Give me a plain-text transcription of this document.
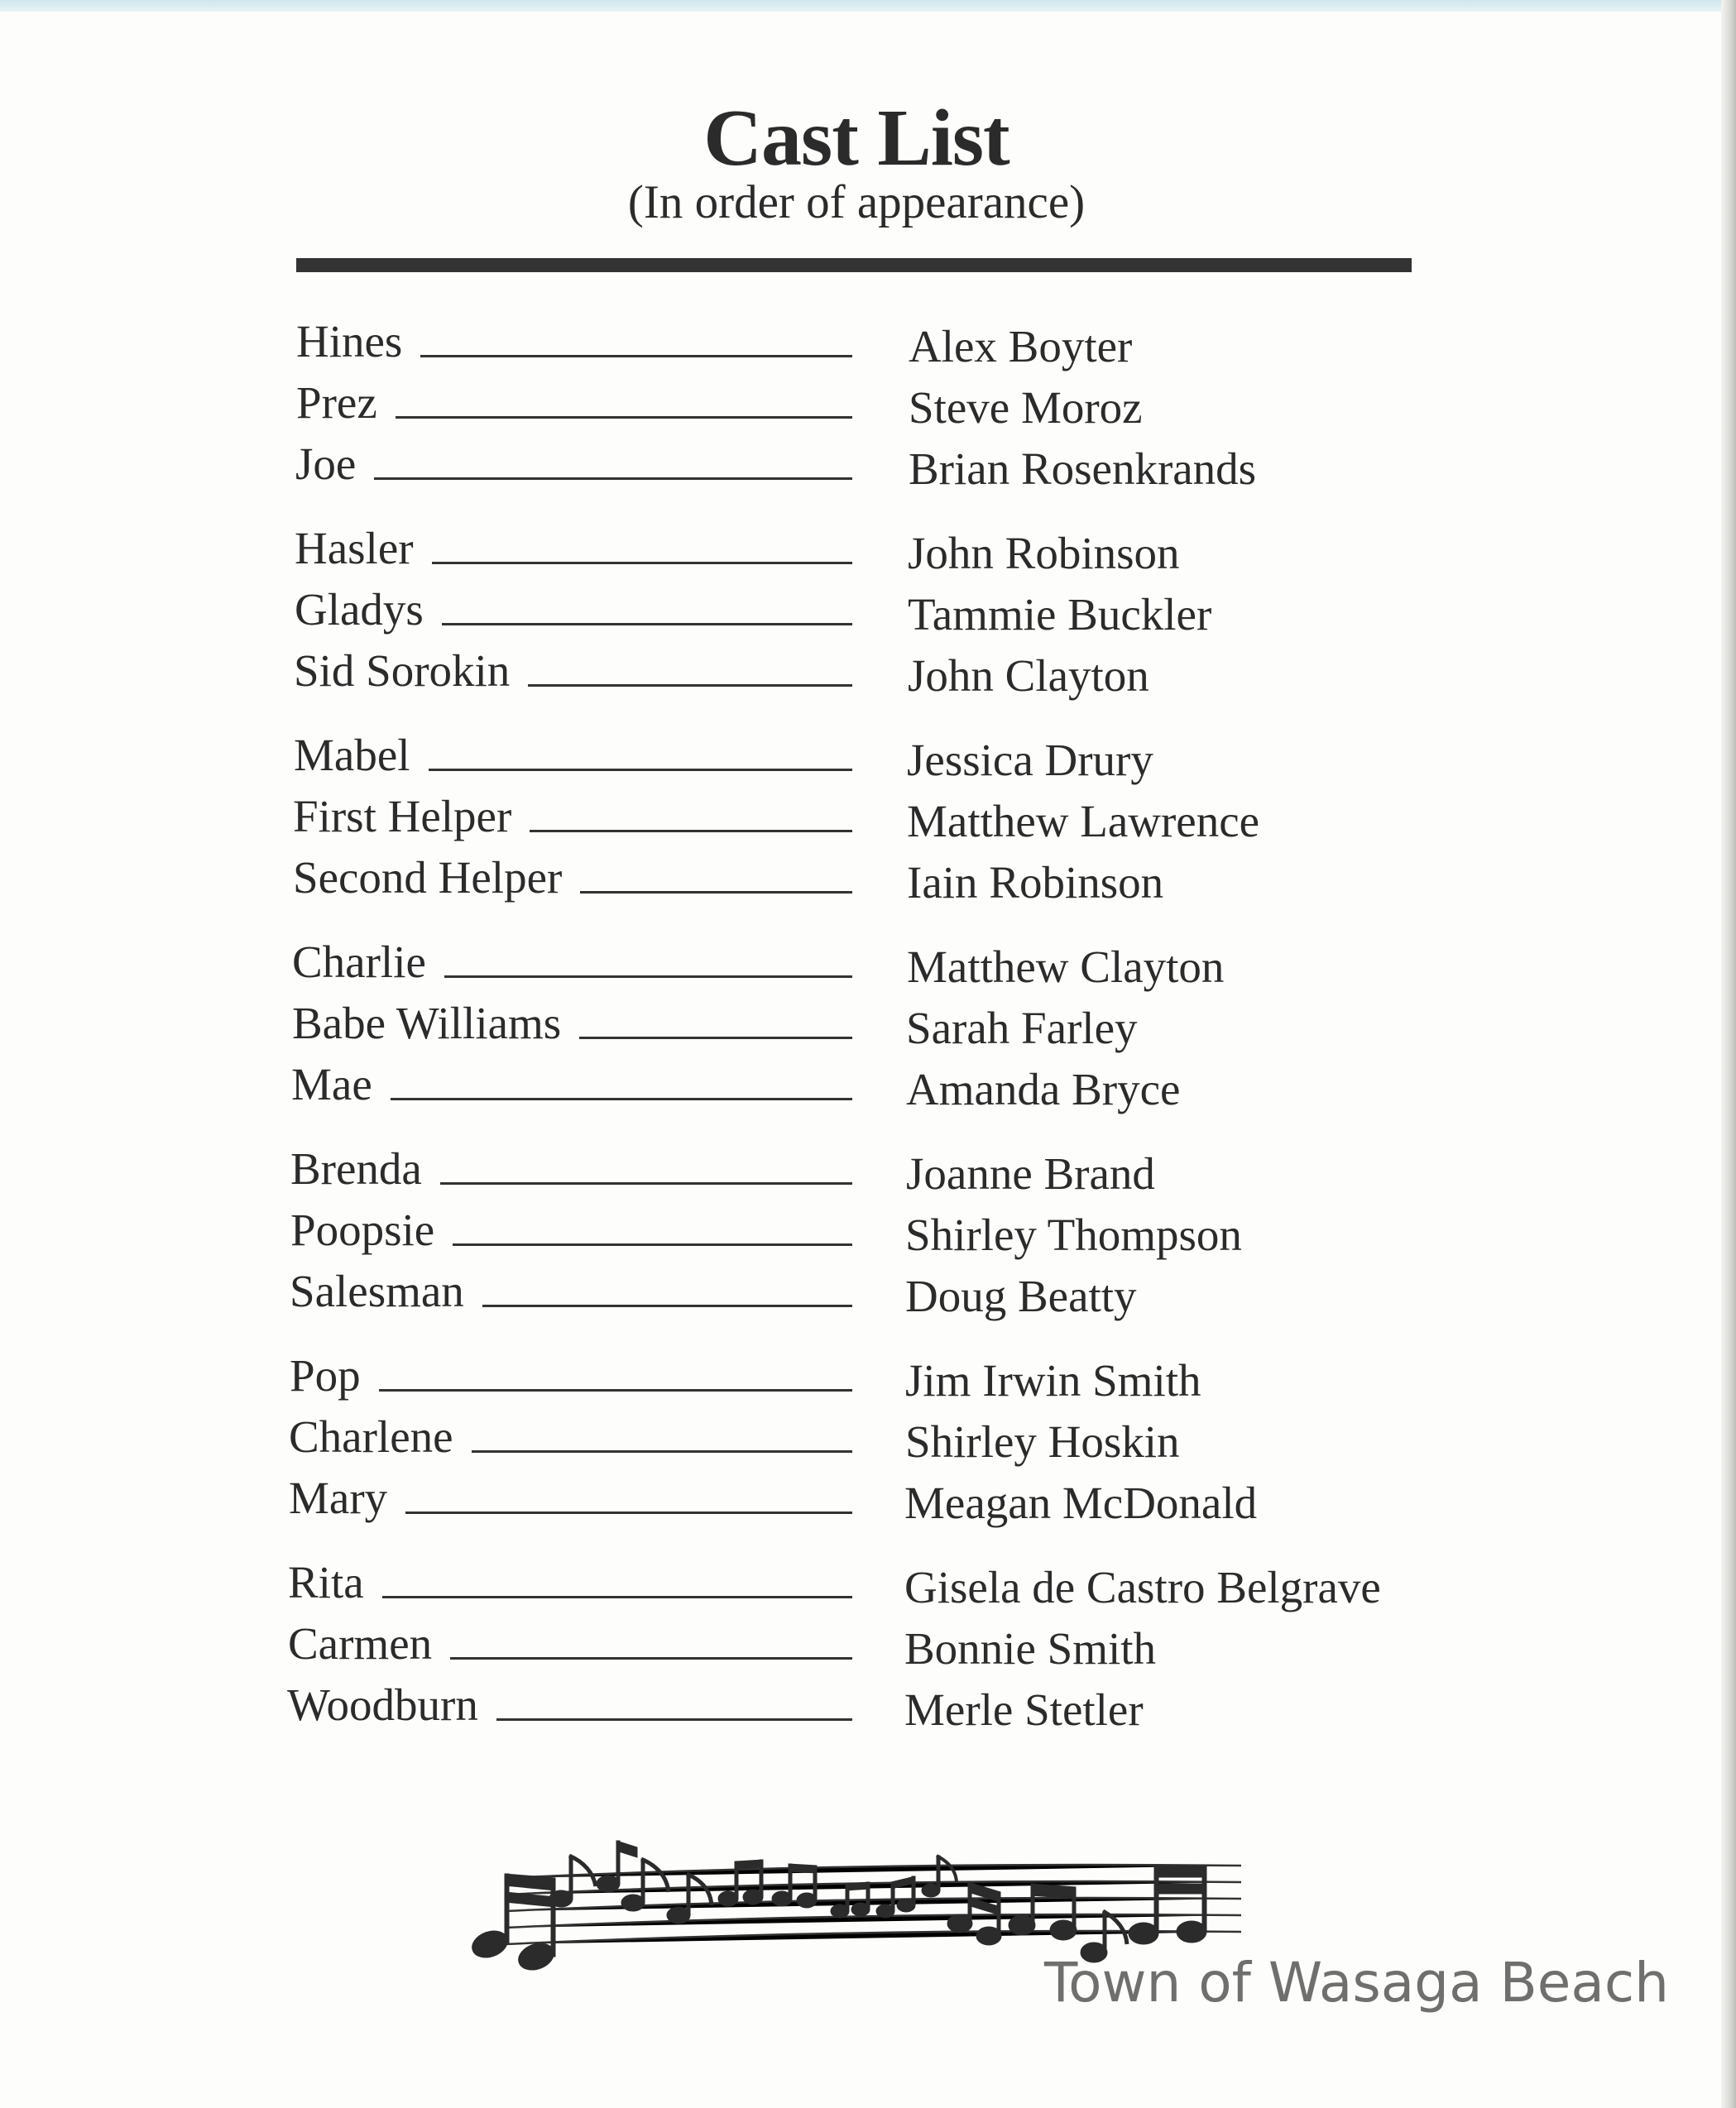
Cast List
(In order of appearance)
Hines	Alex Boyter
Prez	Steve Moroz
Joe	Brian Rosenkrands
Hasler	John Robinson
Gladys	Tammie Buckler
Sid Sorokin	John Clayton
Mabel	Jessica Drury
First Helper	Matthew Lawrence
Second Helper	Iain Robinson
Charlie	Matthew Clayton
Babe Williams	Sarah Farley
Mae	Amanda Bryce
Brenda	Joanne Brand
Poopsie	Shirley Thompson
Salesman	Doug Beatty
Pop	Jim Irwin Smith
Charlene	Shirley Hoskin
Mary	Meagan McDonald
Rita	Gisela de Castro Belgrave
Carmen	Bonnie Smith
Woodburn	Merle Stetler
Town of Wasaga Beach
